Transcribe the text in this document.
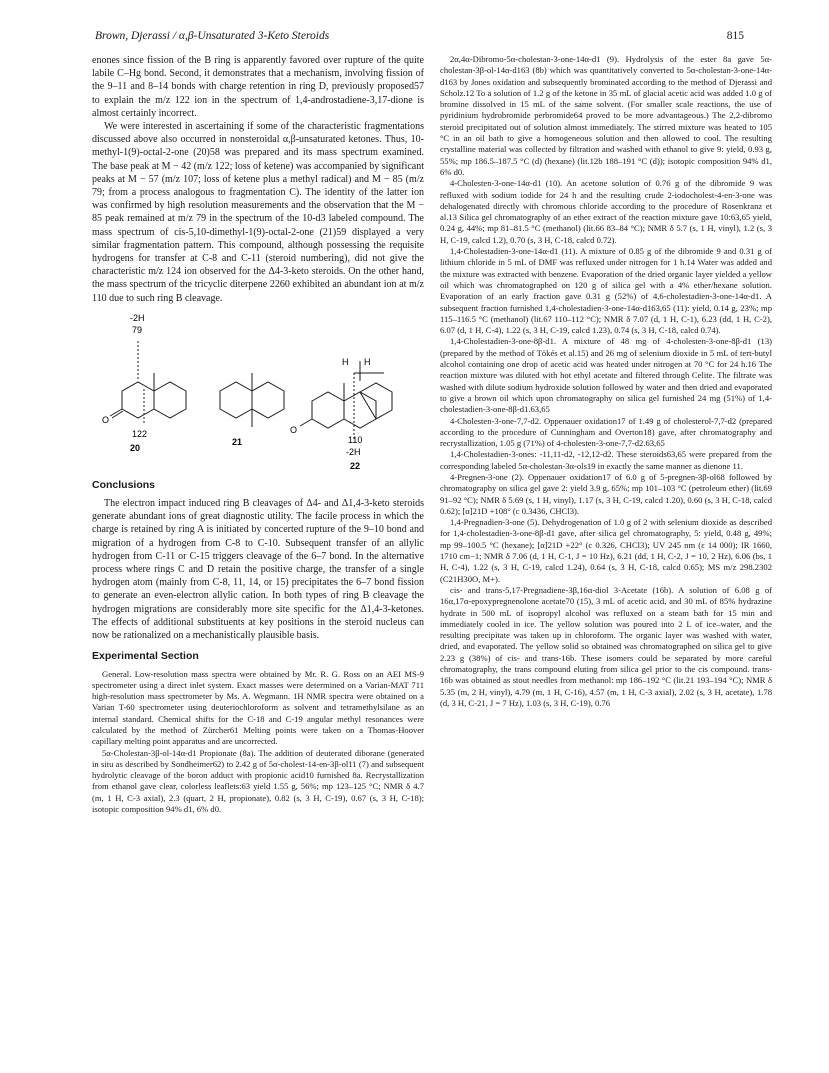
Brown, Djerassi / α,β-Unsaturated 3-Keto Steroids	815

enones since fission of the B ring is apparently favored over rupture of the quite labile C–Hg bond. Second, it demonstrates that a mechanism, involving fission of the 9–11 and 8–14 bonds with charge retention in ring D, previously proposed57 to explain the m/z 122 ion in the spectrum of 1,4-androstadiene-3,17-dione is almost certainly incorrect.

We were interested in ascertaining if some of the characteristic fragmentations discussed above also occurred in nonsteroidal α,β-unsaturated ketones. Thus, 10-methyl-1(9)-octal-2-one (20)58 was prepared and its mass spectrum examined. The base peak at M − 42 (m/z 122; loss of ketene) was accompanied by significant peaks at M − 57 (m/z 107; loss of ketene plus a methyl radical) and M − 85 (m/z 79; from a process analogous to fragmentation C). The identity of the latter ion was confirmed by high resolution measurements and the observation that the M − 85 peak remained at m/z 79 in the spectrum of the 10-d3 labeled compound. The mass spectrum of cis-5,10-dimethyl-1(9)-octal-2-one (21)59 displayed a very similar fragmentation pattern. This compound, although possessing the requisite hydrogens for transfer at C-8 and C-11 (steroid numbering), did not give the characteristic m/z 124 ion observed for the Δ4-3-keto steroids. On the other hand, the mass spectrum of the tricyclic diterpene 2260 exhibited an abundant ion at m/z 110 due to such ring B cleavage.

-2H
79
O
122
20
21
H H
O
110
-2H
22
Conclusions

The electron impact induced ring B cleavages of Δ4- and Δ1,4-3-keto steroids generate abundant ions of great diagnostic utility. The facile process in which the charge is retained by ring A is initiated by concerted rupture of the 9–10 bond and migration of a hydrogen from C-8 to C-10. Subsequent transfer of an allylic hydrogen from C-11 or C-15 triggers cleavage of the 6–7 bond. In the alternative process where rings C and D retain the positive charge, the transfer of a single hydrogen atom (mainly from C-8, 11, 14, or 15) precipitates the 6–7 bond fission to generate an even-electron allylic cation. In both types of ring B cleavage the hydrogen migrations are considerably more site specific for the Δ1,4-3-ketones. The effects of additional substituents at key positions in the steroid nucleus can now be rationalized on a mechanistically plausible basis.

Experimental Section

General. Low-resolution mass spectra were obtained by Mr. R. G. Ross on an AEI MS-9 spectrometer using a direct inlet system. Exact masses were determined on a Varian-MAT 711 high-resolution mass spectrometer by Ms. A. Wegmann. 1H NMR spectra were obtained on a Varian T-60 spectrometer using deuteriochloroform as solvent and tetramethylsilane as an internal standard. Chemical shifts for the C-18 and C-19 angular methyl resonances were calculated by the method of Zürcher61 Melting points were taken on a Thomas-Hoover capillary melting point apparatus and are uncorrected.

5α-Cholestan-3β-ol-14α-d1 Propionate (8a). The addition of deuterated diborane (generated in situ as described by Sondheimer62) to 2.42 g of 5α-cholest-14-en-3β-ol11 (7) and subsequent hydrolytic cleavage of the boron adduct with propionic acid10 furnished 8a. Recrystallization from ethanol gave clear, colorless leaflets:63 yield 1.55 g, 56%; mp 123–125 °C; NMR δ 4.7 (m, 1 H, C-3 axial), 2.3 (quart, 2 H, propionate), 0.82 (s, 3 H, C-19), 0.67 (s, 3 H, C-18); isotopic composition 94% d1, 6% d0.

2α,4α-Dibromo-5α-cholestan-3-one-14α-d1 (9). Hydrolysis of the ester 8a gave 5α-cholestan-3β-ol-14α-d163 (8b) which was quantitatively converted to 5α-cholestan-3-one-14α-d163 by Jones oxidation and subsequently brominated according to the method of Djerassi and Scholz.12 To a solution of 1.2 g of the ketone in 35 mL of glacial acetic acid was added 1.0 g of bromine dissolved in 15 mL of the same solvent. (For smaller scale reactions, the use of pyridinium hydrobromide perbromide64 proved to be more advantageous.) The 2,2-dibromo steroid precipitated out of solution almost immediately. The stirred mixture was heated to 105 °C in an oil bath to give a homogeneous solution and then allowed to cool. The resulting crystalline material was collected by filtration and washed with ethanol to give 9: yield, 0.93 g, 55%; mp 186.5–187.5 °C (d) (hexane) (lit.12b 188–191 °C (d)); isotopic composition 94% d1, 6% d0.

4-Cholesten-3-one-14α-d1 (10). An acetone solution of 0.76 g of the dibromide 9 was refluxed with sodium iodide for 24 h and the resulting crude 2-iodocholest-4-en-3-one was dehalogenated directly with chromous chloride according to the procedure of Rosenkranz et al.13 Silica gel chromatography of an ether extract of the reaction mixture gave 10:63,65 yield, 0.24 g, 44%; mp 81–81.5 °C (methanol) (lit.66 83–84 °C); NMR δ 5.7 (s, 1 H, vinyl), 1.2 (s, 3 H, C-19, calcd 1.2), 0.70 (s, 3 H, C-18, calcd 0.72).

1,4-Cholestadien-3-one-14α-d1 (11). A mixture of 0.85 g of the dibromide 9 and 0.31 g of lithium chloride in 5 mL of DMF was refluxed under nitrogen for 1 h.14 Water was added and the mixture was extracted with benzene. Evaporation of the dried organic layer yielded a yellow oil which was chromatographed on 120 g of silica gel with a 4% ether/hexane solution. Evaporation of an early fraction gave 0.31 g (52%) of 4,6-cholestadien-3-one-14α-d1. A subsequent fraction furnished 1,4-cholestadien-3-one-14α-d163,65 (11): yield, 0.14 g, 23%; mp 115–116.5 °C (methanol) (lit.67 110–112 °C); NMR δ 7.07 (d, 1 H, C-1), 6.23 (dd, 1 H, C-2), 6.07 (d, 1 H, C-4), 1.22 (s, 3 H, C-19, calcd 1.23), 0.74 (s, 3 H, C-18, calcd 0.74).

1,4-Cholestadien-3-one-8β-d1. A mixture of 48 mg of 4-cholesten-3-one-8β-d1 (13) (prepared by the method of Tökés et al.15) and 26 mg of selenium dioxide in 5 mL of tert-butyl alcohol containing one drop of acetic acid was heated under nitrogen at 70 °C for 24 h.16 The reaction mixture was diluted with hot ethyl acetate and filtered through Celite. The filtrate was washed with dilute sodium hydroxide solution followed by water and then dried and evaporated to give a brown oil which upon chromatography on silica gel furnished 24 mg (51%) of 1,4-cholestadien-3-one-8β-d1.63,65

4-Cholesten-3-one-7,7-d2. Oppenauer oxidation17 of 1.49 g of cholesterol-7,7-d2 (prepared according to the procedure of Cunningham and Overton18) gave, after chromatography and recrystallization, 1.05 g (71%) of 4-cholesten-3-one-7,7-d2.63,65

1,4-Cholestadien-3-ones: -11,11-d2, -12,12-d2. These steroids63,65 were prepared from the corresponding labeled 5α-cholestan-3α-ols19 in exactly the same manner as dienone 11.

4-Pregnen-3-one (2). Oppenauer oxidation17 of 6.0 g of 5-pregnen-3β-ol68 followed by chromatography on silica gel gave 2: yield 3.9 g, 65%; mp 101–103 °C (petroleum ether) (lit.69 91–92 °C); NMR δ 5.69 (s, 1 H, vinyl), 1.17 (s, 3 H, C-19, calcd 1.20), 0.60 (s, 3 H, C-18, calcd 0.62); [α]21D +108° (c 0.3436, CHCl3).

1,4-Pregnadien-3-one (5). Dehydrogenation of 1.0 g of 2 with selenium dioxide as described for 1,4-cholestadien-3-one-8β-d1 gave, after silica gel chromatography, 5: yield, 0.48 g, 49%; mp 99–100.5 °C (hexane); [α]21D +22° (c 0.326, CHCl3); UV 245 nm (ε 14 000); IR 1660, 1710 cm−1; NMR δ 7.06 (d, 1 H, C-1, J = 10 Hz), 6.21 (dd, 1 H, C-2, J = 10, 2 Hz), 6.06 (bs, 1 H, C-4), 1.22 (s, 3 H, C-19, calcd 1.24), 0.64 (s, 3 H, C-18, calcd 0.65); MS m/z 298.2302 (C21H30O, M+).

cis- and trans-5,17-Pregnadiene-3β,16α-diol 3-Acetate (16b). A solution of 6.08 g of 16α,17α-epoxypregnenolone acetate70 (15), 3 mL of acetic acid, and 30 mL of 85% hydrazine hydrate in 500 mL of isopropyl alcohol was refluxed on a steam bath for 15 min and immediately cooled in ice. The yellow solution was poured into 2 L of ice–water, and the resulting precipitate was taken up in chloroform. The organic layer was washed with water, dried, and evaporated. The yellow solid so obtained was chromatographed on silica gel to give 2.23 g (38%) of cis- and trans-16b. These isomers could be separated by more careful chromatography, the trans compound eluting from silica gel prior to the cis compound. trans-16b was obtained as stout needles from methanol: mp 186–192 °C (lit.21 193–194 °C); NMR δ 5.35 (m, 2 H, vinyl), 4.79 (m, 1 H, C-16), 4.57 (m, 1 H, C-3 axial), 2.02 (s, 3 H, acetate), 1.78 (d, 3 H, C-21, J = 7 Hz), 1.03 (s, 3 H, C-19), 0.76
